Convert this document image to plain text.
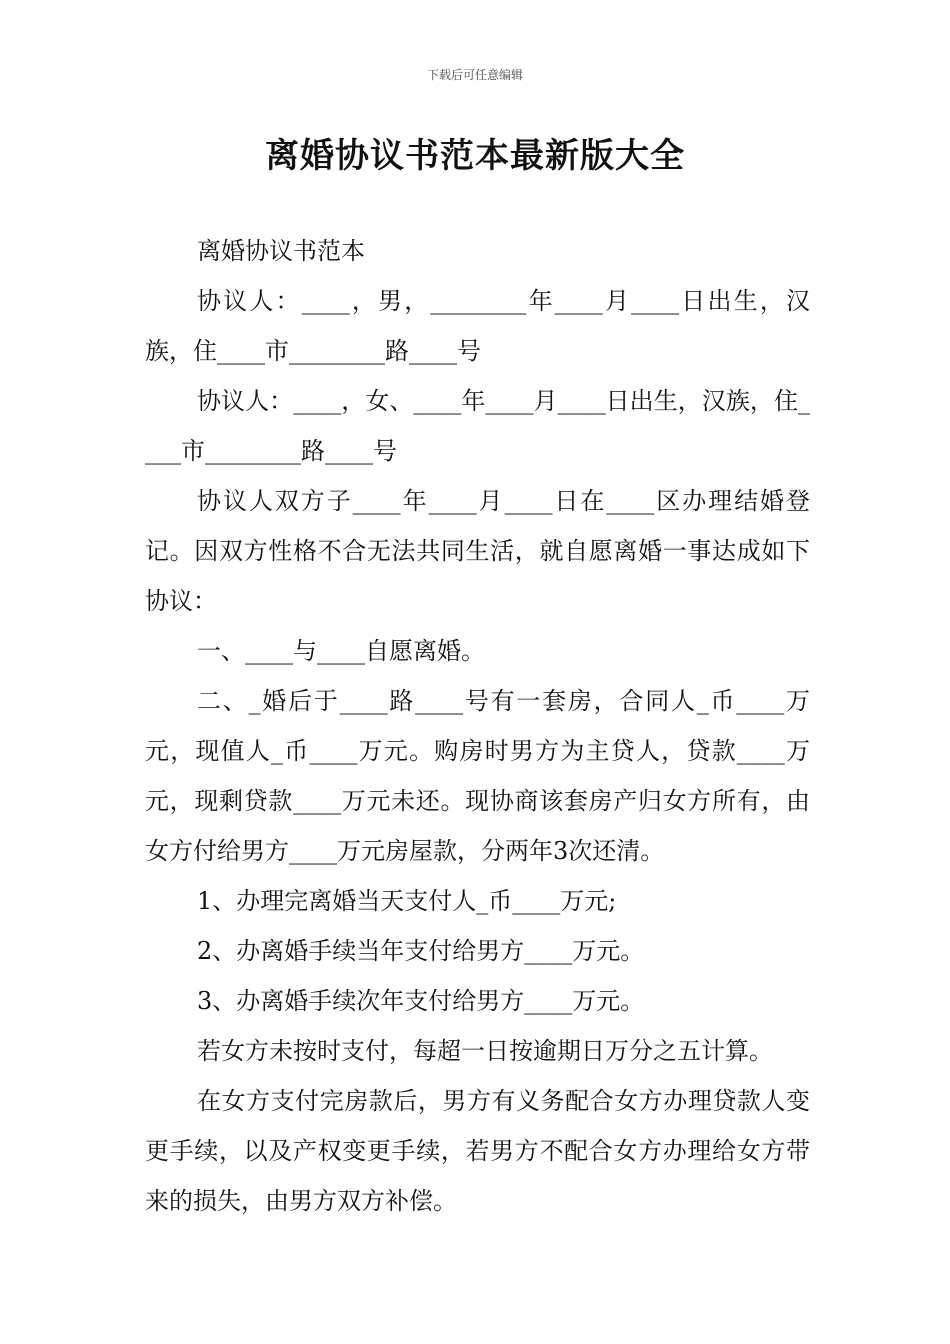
下载后可任意编辑
离婚协议书范本最新版大全

离婚协议书范本

协议人：____，男，________年____月____日出生，汉族，住____市________路____号

协议人：____，女、____年____月____日出生，汉族，住____市________路____号

协议人双方子____年____月____日在____区办理结婚登记。因双方性格不合无法共同生活，就自愿离婚一事达成如下协议：

一、____与____自愿离婚。

二、_婚后于____路____号有一套房，合同人_币____万元，现值人_币____万元。购房时男方为主贷人，贷款____万元，现剩贷款____万元未还。现协商该套房产归女方所有，由女方付给男方____万元房屋款，分两年3次还清。

1、办理完离婚当天支付人_币____万元;

2、办离婚手续当年支付给男方____万元。

3、办离婚手续次年支付给男方____万元。

若女方未按时支付，每超一日按逾期日万分之五计算。

在女方支付完房款后，男方有义务配合女方办理贷款人变更手续，以及产权变更手续，若男方不配合女方办理给女方带来的损失，由男方双方补偿。
